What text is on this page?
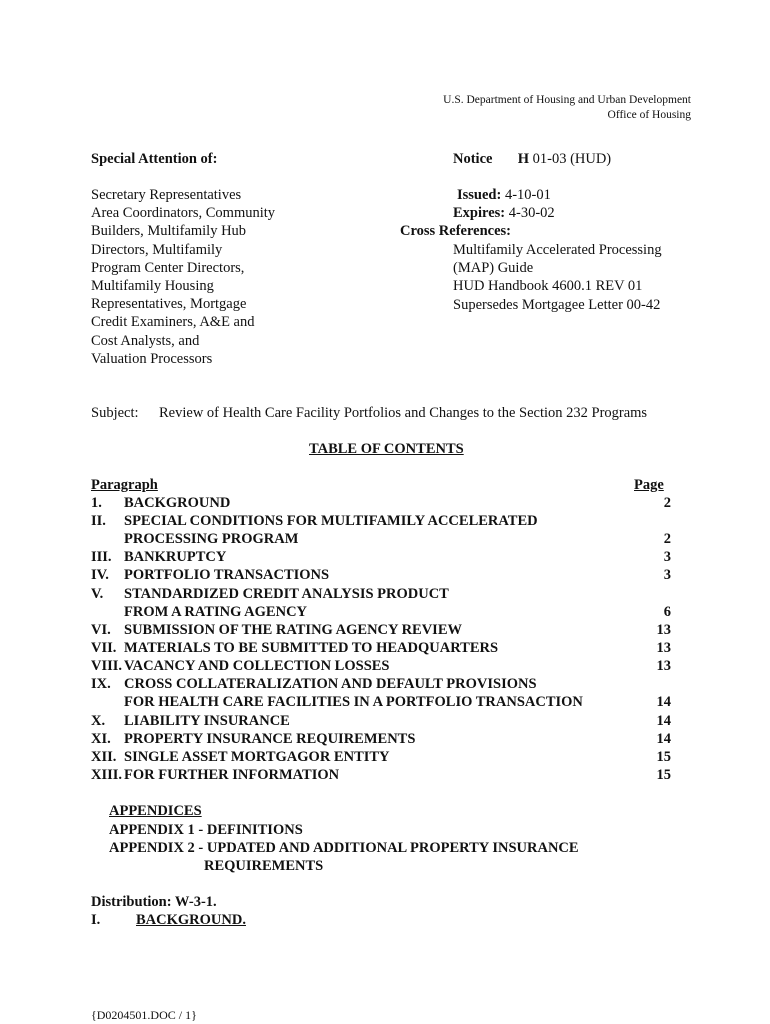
U.S. Department of Housing and Urban Development
Office of Housing
Special Attention of:
Secretary Representatives
Area Coordinators, Community
Builders, Multifamily Hub
Directors, Multifamily
Program Center Directors,
Multifamily Housing
Representatives, Mortgage
Credit Examiners, A&E and
Cost Analysts, and
Valuation Processors
Notice H 01-03 (HUD)
Issued: 4-10-01
Expires: 4-30-02
Cross References:
Multifamily Accelerated Processing
(MAP) Guide
HUD Handbook 4600.1 REV 01
Supersedes Mortgagee Letter 00-42
Subject: Review of Health Care Facility Portfolios and Changes to the Section 232 Programs
TABLE OF CONTENTS
Paragraph	Page
1. BACKGROUND	2
II. SPECIAL CONDITIONS FOR MULTIFAMILY ACCELERATED
PROCESSING PROGRAM	2
III. BANKRUPTCY	3
IV. PORTFOLIO TRANSACTIONS	3
V. STANDARDIZED CREDIT ANALYSIS PRODUCT
FROM A RATING AGENCY	6
VI. SUBMISSION OF THE RATING AGENCY REVIEW	13
VII. MATERIALS TO BE SUBMITTED TO HEADQUARTERS	13
VIII. VACANCY AND COLLECTION LOSSES	13
IX. CROSS COLLATERALIZATION AND DEFAULT PROVISIONS
FOR HEALTH CARE FACILITIES IN A PORTFOLIO TRANSACTION	14
X. LIABILITY INSURANCE	14
XI. PROPERTY INSURANCE REQUIREMENTS	14
XII. SINGLE ASSET MORTGAGOR ENTITY	15
XIII. FOR FURTHER INFORMATION	15
APPENDICES
APPENDIX 1 - DEFINITIONS
APPENDIX 2 - UPDATED AND ADDITIONAL PROPERTY INSURANCE
REQUIREMENTS
Distribution: W-3-1.
I. BACKGROUND.
{D0204501.DOC / 1}
